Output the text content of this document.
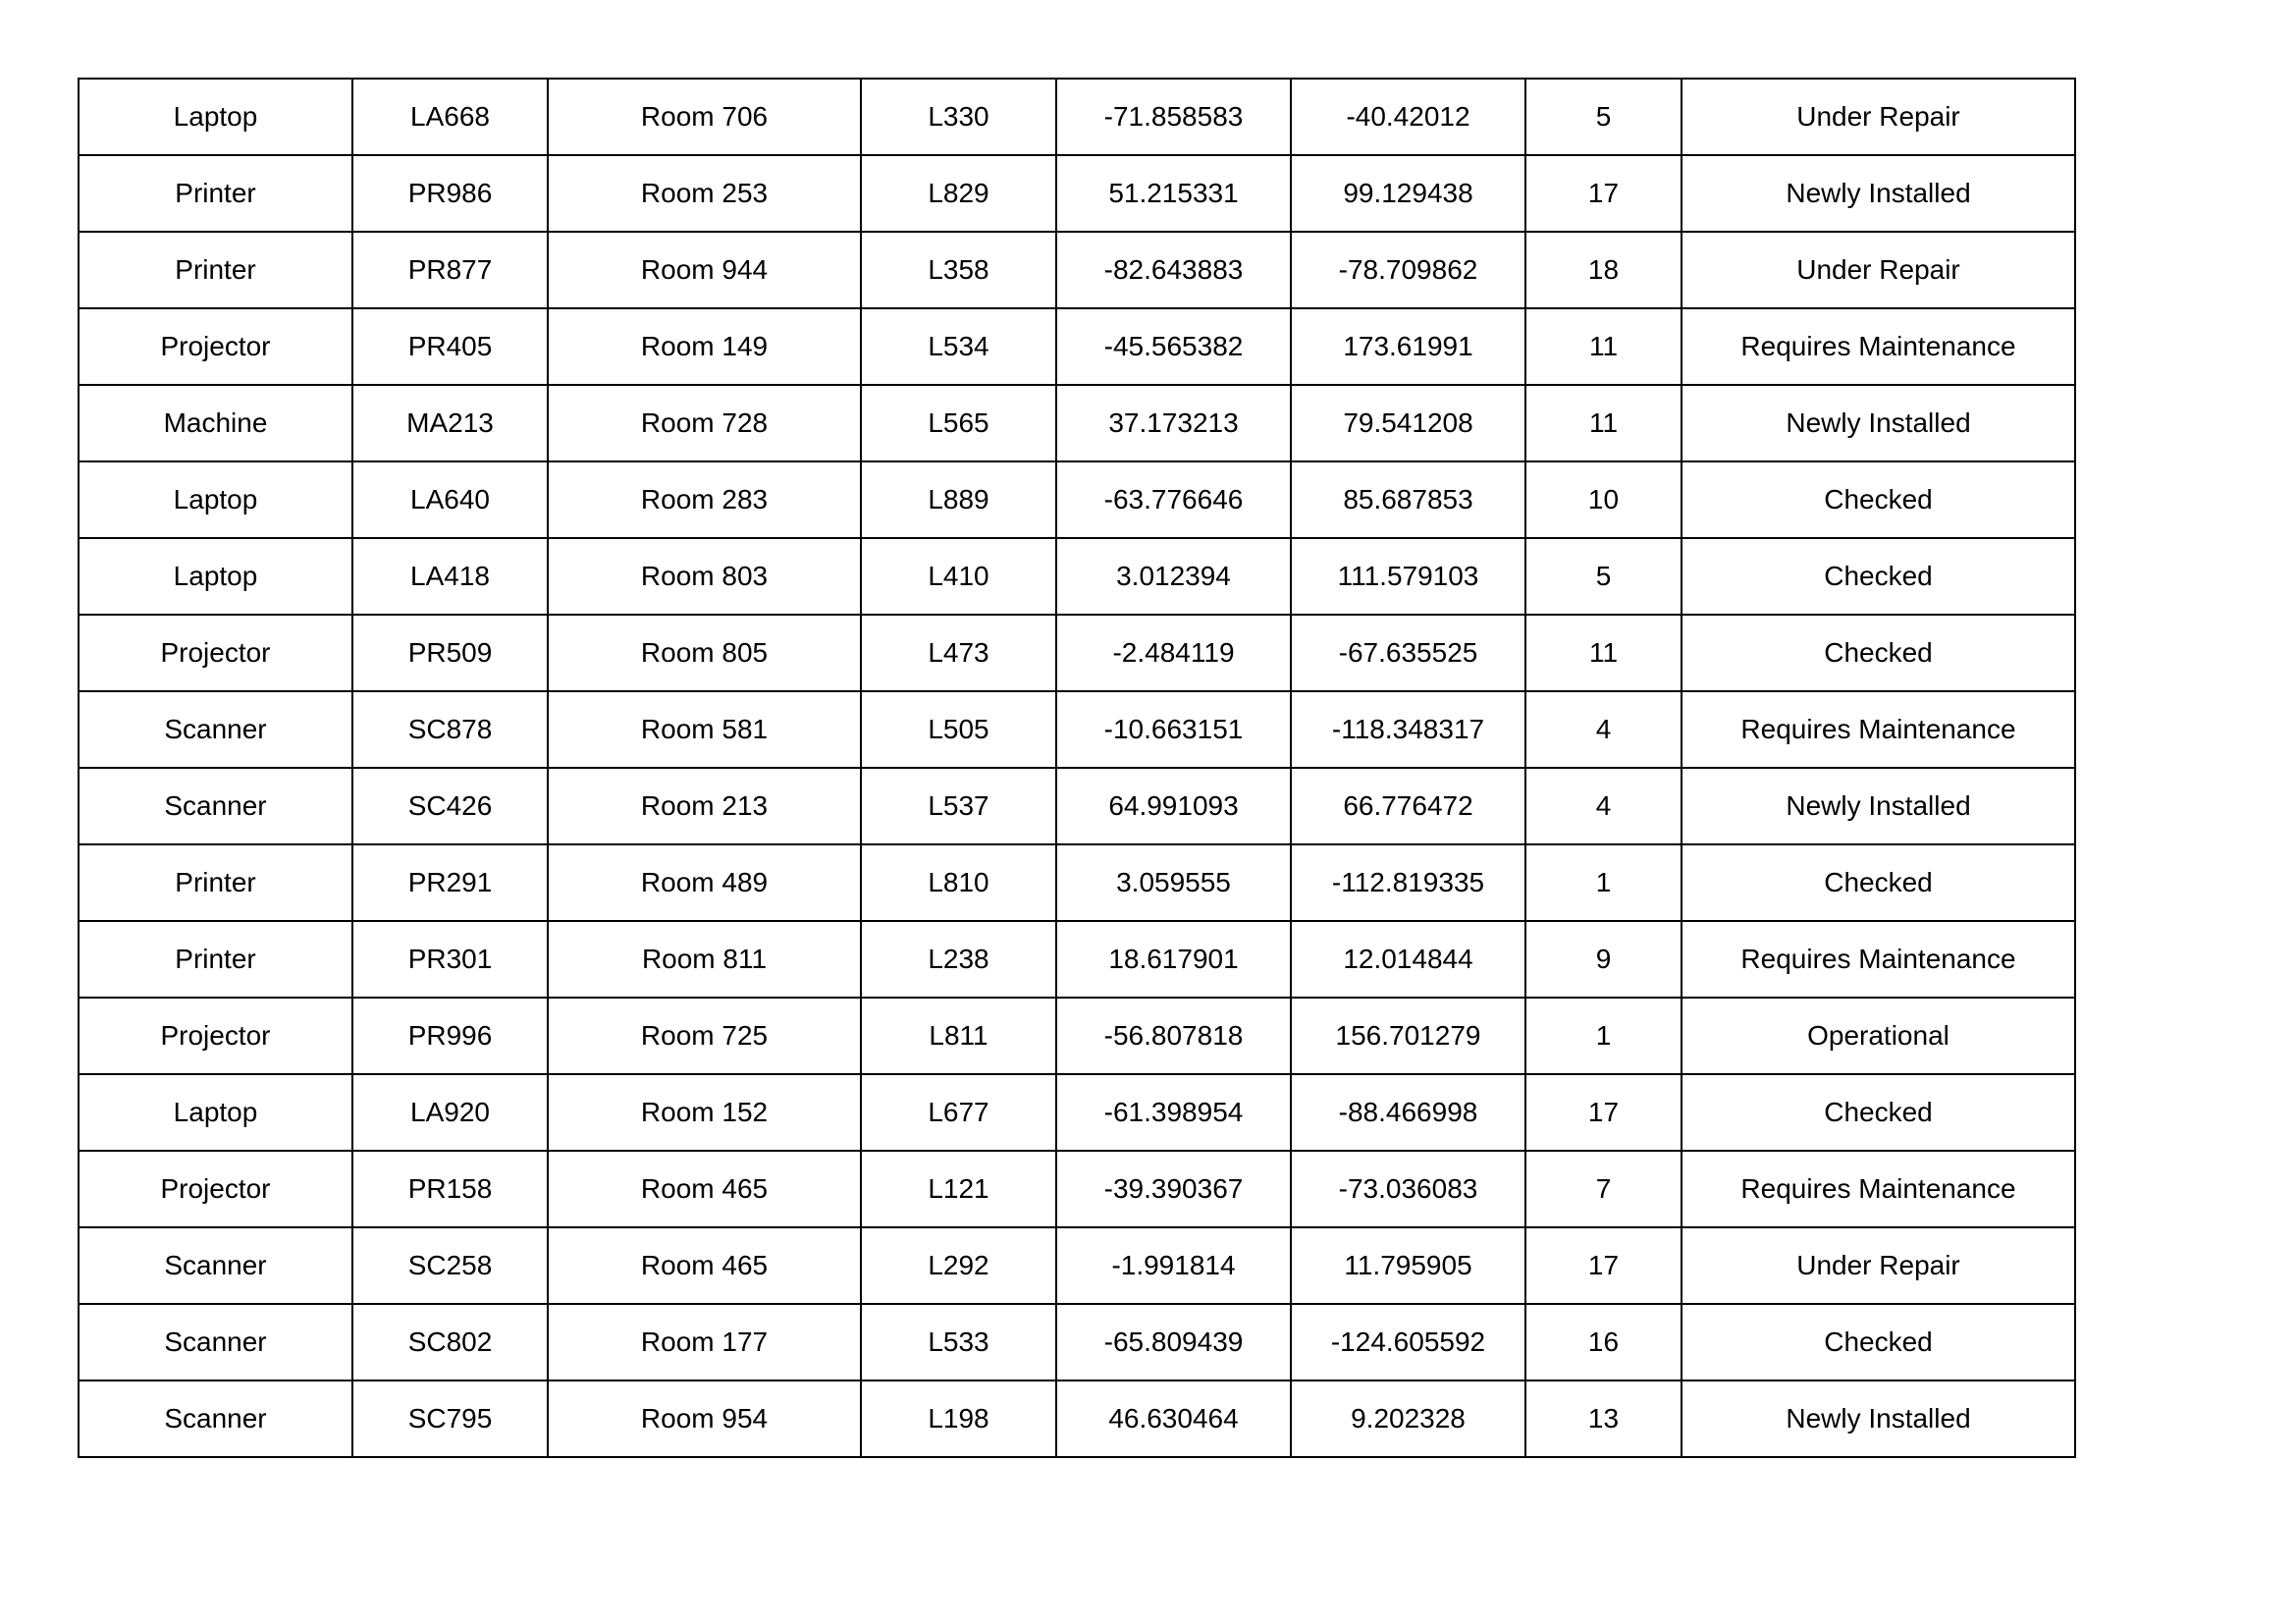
Laptop	LA668	Room 706	L330	-71.858583	-40.42012	5	Under Repair
Printer	PR986	Room 253	L829	51.215331	99.129438	17	Newly Installed
Printer	PR877	Room 944	L358	-82.643883	-78.709862	18	Under Repair
Projector	PR405	Room 149	L534	-45.565382	173.61991	11	Requires Maintenance
Machine	MA213	Room 728	L565	37.173213	79.541208	11	Newly Installed
Laptop	LA640	Room 283	L889	-63.776646	85.687853	10	Checked
Laptop	LA418	Room 803	L410	3.012394	111.579103	5	Checked
Projector	PR509	Room 805	L473	-2.484119	-67.635525	11	Checked
Scanner	SC878	Room 581	L505	-10.663151	-118.348317	4	Requires Maintenance
Scanner	SC426	Room 213	L537	64.991093	66.776472	4	Newly Installed
Printer	PR291	Room 489	L810	3.059555	-112.819335	1	Checked
Printer	PR301	Room 811	L238	18.617901	12.014844	9	Requires Maintenance
Projector	PR996	Room 725	L811	-56.807818	156.701279	1	Operational
Laptop	LA920	Room 152	L677	-61.398954	-88.466998	17	Checked
Projector	PR158	Room 465	L121	-39.390367	-73.036083	7	Requires Maintenance
Scanner	SC258	Room 465	L292	-1.991814	11.795905	17	Under Repair
Scanner	SC802	Room 177	L533	-65.809439	-124.605592	16	Checked
Scanner	SC795	Room 954	L198	46.630464	9.202328	13	Newly Installed
